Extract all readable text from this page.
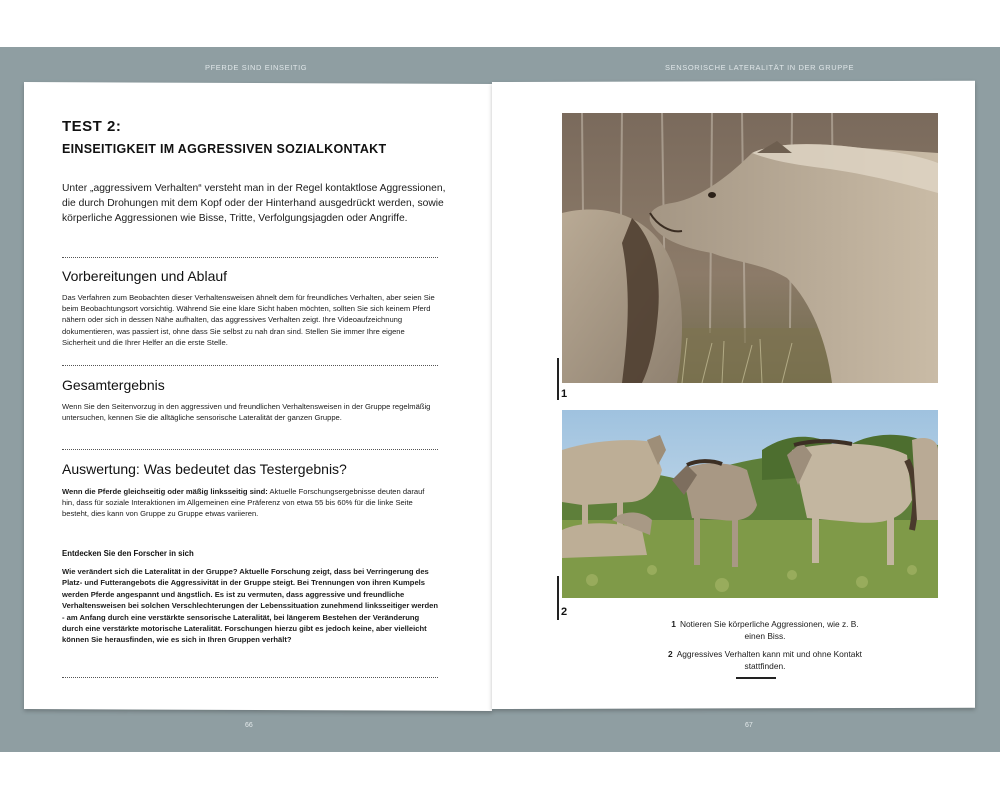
PFERDE SIND EINSEITIG	SENSORISCHE LATERALITÄT IN DER GRUPPE
66	67
TEST 2:
EINSEITIGKEIT IM AGGRESSIVEN SOZIALKONTAKT
Unter „aggressivem Verhalten“ versteht man in der Regel kontaktlose Aggressionen, die durch Drohungen mit dem Kopf oder der Hinterhand ausgedrückt werden, sowie körperliche Aggressionen wie Bisse, Tritte, Verfolgungsjagden oder Angriffe.
Vorbereitungen und Ablauf
Das Verfahren zum Beobachten dieser Verhaltensweisen ähnelt dem für freundliches Verhalten, aber seien Sie beim Beobachtungsort vorsichtig. Während Sie eine klare Sicht haben möchten, sollten Sie sich keinem Pferd nähern oder sich in dessen Nähe aufhalten, das aggressives Verhalten zeigt. Ihre Videoaufzeichnung dokumentieren, was passiert ist, ohne dass Sie selbst zu nah dran sind. Stellen Sie immer Ihre eigene Sicherheit und die Ihrer Helfer an die erste Stelle.
Gesamtergebnis
Wenn Sie den Seitenvorzug in den aggressiven und freundlichen Verhaltensweisen in der Gruppe regelmäßig untersuchen, kennen Sie die alltägliche sensorische Lateralität der ganzen Gruppe.
Auswertung: Was bedeutet das Testergebnis?
Wenn die Pferde gleichseitig oder mäßig linksseitig sind: Aktuelle Forschungsergebnisse deuten darauf hin, dass für soziale Interaktionen im Allgemeinen eine Präferenz von etwa 55 bis 60% für die linke Seite besteht, dies kann von Gruppe zu Gruppe etwas variieren.
Entdecken Sie den Forscher in sich
Wie verändert sich die Lateralität in der Gruppe? Aktuelle Forschung zeigt, dass bei Verringerung des Platz- und Futterangebots die Aggressivität in der Gruppe steigt. Bei Trennungen von ihren Kumpels werden Pferde angespannt und ängstlich. Es ist zu vermuten, dass aggressive und freundliche Verhaltensweisen bei solchen Verschlechterungen der Lebenssituation zunehmend linksseitiger werden - am Anfang durch eine verstärkte sensorische Lateralität, bei längerem Bestehen der Veränderung durch eine verstärkte motorische Lateralität. Forschungen hierzu gibt es jedoch keine, aber vielleicht können Sie herausfinden, wie es sich in Ihren Gruppen verhält?
1
2
1 Notieren Sie körperliche Aggressionen, wie z. B. einen Biss.
2 Aggressives Verhalten kann mit und ohne Kontakt stattfinden.
